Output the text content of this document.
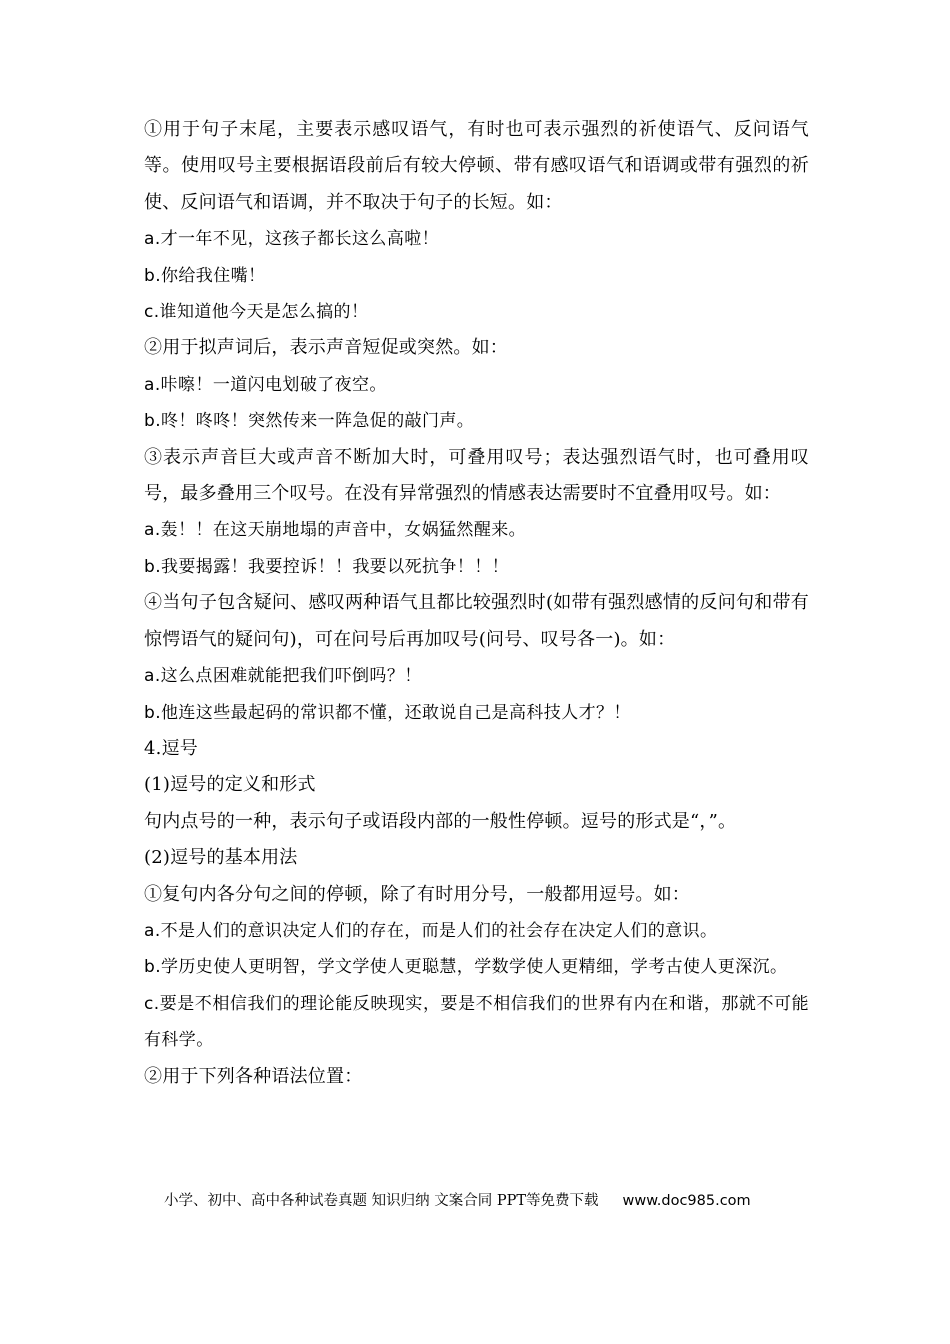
①用于句子末尾，主要表示感叹语气，有时也可表示强烈的祈使语气、反问语气等。使用叹号主要根据语段前后有较大停顿、带有感叹语气和语调或带有强烈的祈使、反问语气和语调，并不取决于句子的长短。如：

a.才一年不见，这孩子都长这么高啦！

b.你给我住嘴！

c.谁知道他今天是怎么搞的！

②用于拟声词后，表示声音短促或突然。如：

a.咔嚓！一道闪电划破了夜空。

b.咚！咚咚！突然传来一阵急促的敲门声。

③表示声音巨大或声音不断加大时，可叠用叹号；表达强烈语气时，也可叠用叹号，最多叠用三个叹号。在没有异常强烈的情感表达需要时不宜叠用叹号。如：

a.轰！！在这天崩地塌的声音中，女娲猛然醒来。

b.我要揭露！我要控诉！！我要以死抗争！！！

④当句子包含疑问、感叹两种语气且都比较强烈时(如带有强烈感情的反问句和带有惊愕语气的疑问句)，可在问号后再加叹号(问号、叹号各一)。如：

a.这么点困难就能把我们吓倒吗？！

b.他连这些最起码的常识都不懂，还敢说自己是高科技人才？！

4.逗号

(1)逗号的定义和形式

句内点号的一种，表示句子或语段内部的一般性停顿。逗号的形式是“，”。

(2)逗号的基本用法

①复句内各分句之间的停顿，除了有时用分号，一般都用逗号。如：

a.不是人们的意识决定人们的存在，而是人们的社会存在决定人们的意识。

b.学历史使人更明智，学文学使人更聪慧，学数学使人更精细，学考古使人更深沉。

c.要是不相信我们的理论能反映现实，要是不相信我们的世界有内在和谐，那就不可能有科学。

②用于下列各种语法位置：

小学、初中、高中各种试卷真题 知识归纳 文案合同 PPT等免费下载 www.doc985.com
